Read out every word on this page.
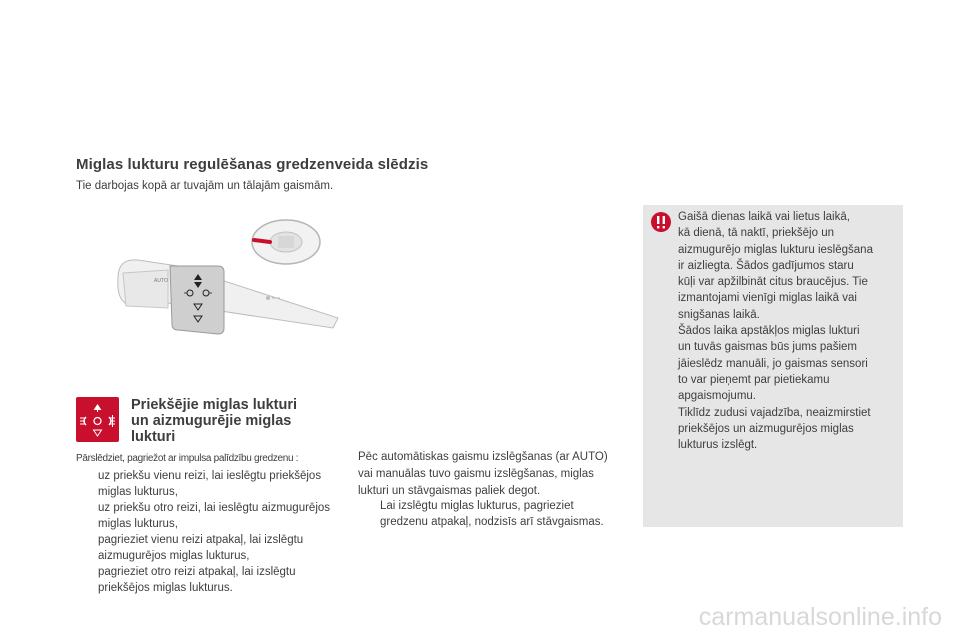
Miglas lukturu regulēšanas gredzenveida slēdzis

Tie darbojas kopā ar tuvajām un tālajām gaismām.

AUTO
Priekšējie miglas lukturi
un aizmugurējie miglas
lukturi

Pārslēdziet, pagriežot ar impulsa palīdzību gredzenu :

uz priekšu vienu reizi, lai ieslēgtu priekšējos miglas lukturus,
uz priekšu otro reizi, lai ieslēgtu aizmugurējos miglas lukturus,
pagrieziet vienu reizi atpakaļ, lai izslēgtu aizmugurējos miglas lukturus,
pagrieziet otro reizi atpakaļ, lai izslēgtu priekšējos miglas lukturus.

Pēc automātiskas gaismu izslēgšanas (ar AUTO) vai manuālas tuvo gaismu izslēgšanas, miglas lukturi un stāvgaismas paliek degot.

Lai izslēgtu miglas lukturus, pagrieziet gredzenu atpakaļ, nodzisīs arī stāvgaismas.

Gaišā dienas laikā vai lietus laikā,
kā dienā, tā naktī, priekšējo un
aizmugurējo miglas lukturu ieslēgšana
ir aizliegta. Šādos gadījumos staru
kūļi var apžilbināt citus braucējus. Tie
izmantojami vienīgi miglas laikā vai
snigšanas laikā.
Šādos laika apstākļos miglas lukturi
un tuvās gaismas būs jums pašiem
jāieslēdz manuāli, jo gaismas sensori
to var pieņemt par pietiekamu
apgaismojumu.
Tiklīdz zudusi vajadzība, neaizmirstiet
priekšējos un aizmugurējos miglas
lukturus izslēgt.

carmanualsonline.info
